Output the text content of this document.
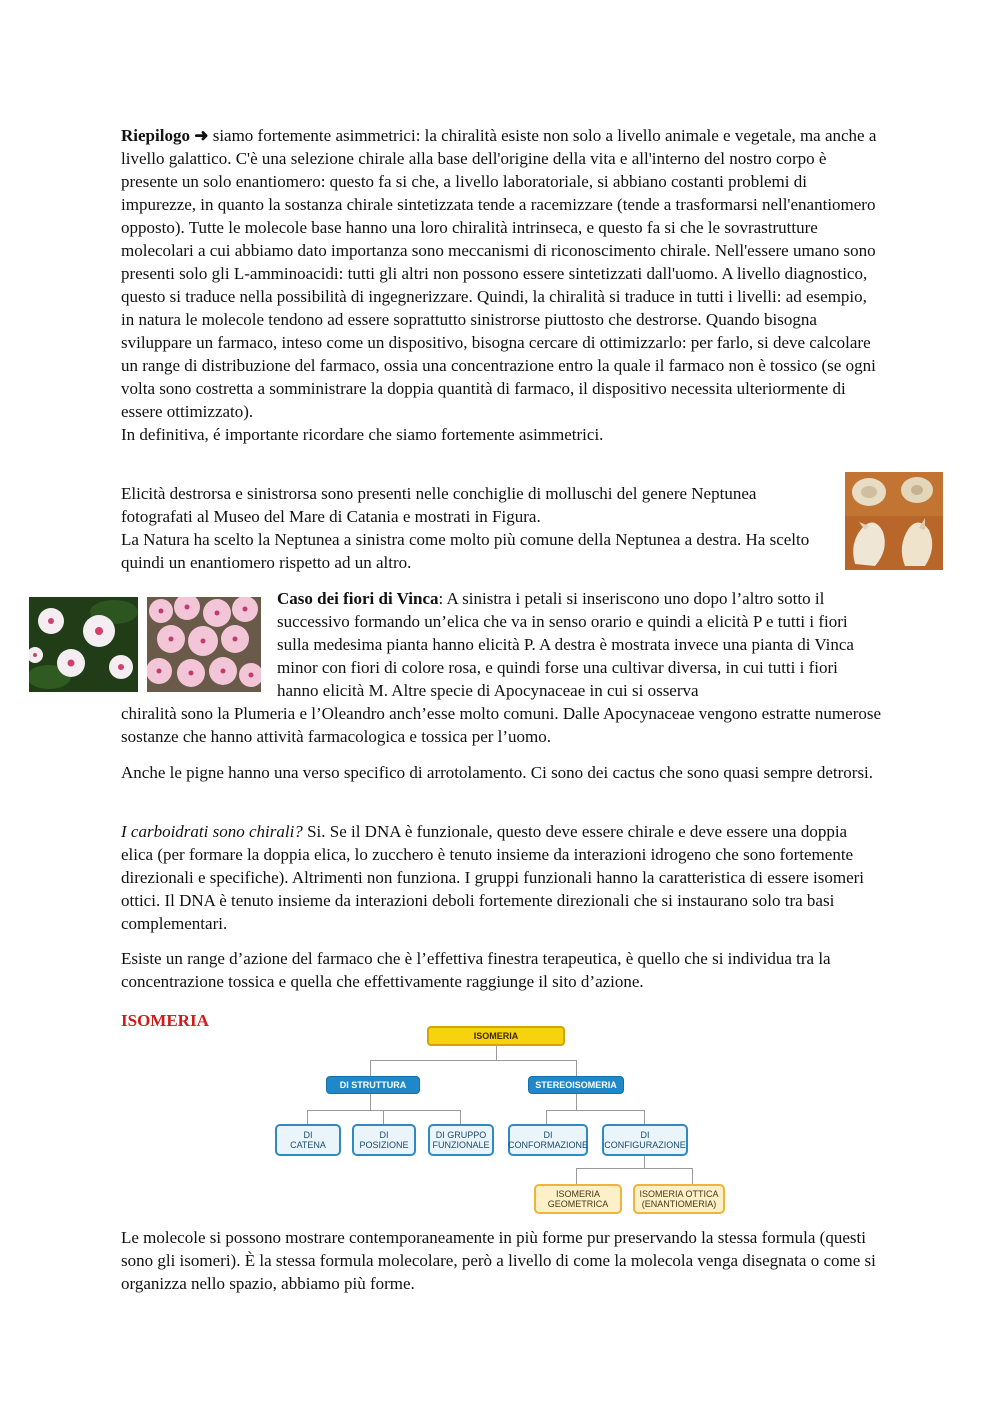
Riepilogo ➜ siamo fortemente asimmetrici: la chiralità esiste non solo a livello animale e vegetale, ma anche a livello galattico. C'è una selezione chirale alla base dell'origine della vita e all'interno del nostro corpo è presente un solo enantiomero: questo fa si che, a livello laboratoriale, si abbiano costanti problemi di impurezze, in quanto la sostanza chirale sintetizzata tende a racemizzare (tende a trasformarsi nell'enantiomero opposto). Tutte le molecole base hanno una loro chiralità intrinseca, e questo fa si che le sovrastrutture molecolari a cui abbiamo dato importanza sono meccanismi di riconoscimento chirale. Nell'essere umano sono presenti solo gli L-amminoacidi: tutti gli altri non possono essere sintetizzati dall'uomo. A livello diagnostico, questo si traduce nella possibilità di ingegnerizzare. Quindi, la chiralità si traduce in tutti i livelli: ad esempio, in natura le molecole tendono ad essere soprattutto sinistrorse piuttosto che destrorse. Quando bisogna sviluppare un farmaco, inteso come un dispositivo, bisogna cercare di ottimizzarlo: per farlo, si deve calcolare un range di distribuzione del farmaco, ossia una concentrazione entro la quale il farmaco non è tossico (se ogni volta sono costretta a somministrare la doppia quantità di farmaco, il dispositivo necessita ulteriormente di essere ottimizzato).

In definitiva, é importante ricordare che siamo fortemente asimmetrici.

Elicità destrorsa e sinistrorsa sono presenti nelle conchiglie di molluschi del genere Neptunea fotografati al Museo del Mare di Catania e mostrati in Figura.

La Natura ha scelto la Neptunea a sinistra come molto più comune della Neptunea a destra. Ha scelto quindi un enantiomero rispetto ad un altro.

Caso dei fiori di Vinca: A sinistra i petali si inseriscono uno dopo l’altro sotto il successivo formando un’elica che va in senso orario e quindi a elicità P e tutti i fiori sulla medesima pianta hanno elicità P. A destra è mostrata invece una pianta di Vinca minor con fiori di colore rosa, e quindi forse una cultivar diversa, in cui tutti i fiori hanno elicità M. Altre specie di Apocynaceae in cui si osserva

chiralità sono la Plumeria e l’Oleandro anch’esse molto comuni. Dalle Apocynaceae vengono estratte numerose sostanze che hanno attività farmacologica e tossica per l’uomo.

Anche le pigne hanno una verso specifico di arrotolamento. Ci sono dei cactus che sono quasi sempre detrorsi.

I carboidrati sono chirali? Si. Se il DNA è funzionale, questo deve essere chirale e deve essere una doppia elica (per formare la doppia elica, lo zucchero è tenuto insieme da interazioni idrogeno che sono fortemente direzionali e specifiche). Altrimenti non funziona. I gruppi funzionali hanno la caratteristica di essere isomeri ottici. Il DNA è tenuto insieme da interazioni deboli fortemente direzionali che si instaurano solo tra basi complementari.

Esiste un range d’azione del farmaco che è l’effettiva finestra terapeutica, è quello che si individua tra la concentrazione tossica e quella che effettivamente raggiunge il sito d’azione.

ISOMERIA

ISOMERIA
DI STRUTTURA	STEREOISOMERIA
DI
CATENA
DI
POSIZIONE
DI GRUPPO
FUNZIONALE
DI
CONFORMAZIONE
DI
CONFIGURAZIONE
ISOMERIA
GEOMETRICA
ISOMERIA OTTICA
(ENANTIOMERIA)

Le molecole si possono mostrare contemporaneamente in più forme pur preservando la stessa formula (questi sono gli isomeri). È la stessa formula molecolare, però a livello di come la molecola venga disegnata o come si organizza nello spazio, abbiamo più forme.
